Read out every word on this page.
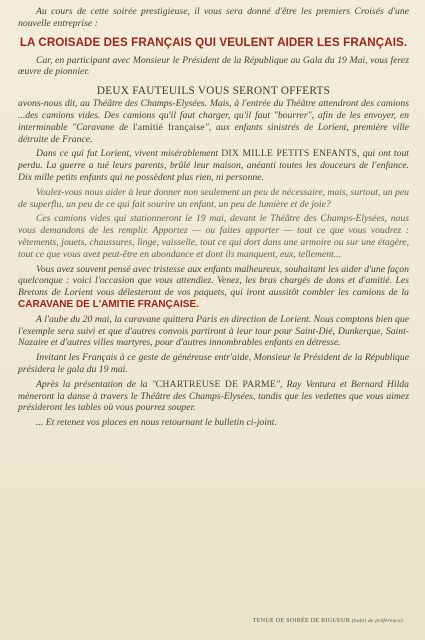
Au cours de cette soirée prestigieuse, il vous sera donné d'être les premiers Croisés d'une nouvelle entreprise :

LA CROISADE DES FRANÇAIS QUI VEULENT AIDER LES FRANÇAIS.

Car, en participant avec Monsieur le Président de la République au Gala du 19 Mai, vous ferez œuvre de pionnier.

DEUX FAUTEUILS VOUS SERONT OFFERTS

avons-nous dit, au Théâtre des Champs-Elysées. Mais, à l'entrée du Théâtre attendront des camions ...des camions vides. Des camions qu'il faut charger, qu'il faut "bourrer", afin de les envoyer, en interminable "Caravane de l'amitié française", aux enfants sinistrés de Lorient, première ville détruite de France.

Dans ce qui fut Lorient, vivent misérablement DIX MILLE PETITS ENFANTS, qui ont tout perdu. La guerre a tué leurs parents, brûlé leur maison, anéanti toutes les douceurs de l'enfance. Dix mille petits enfants qui ne possèdent plus rien, ni personne.

Voulez-vous nous aider à leur donner non seulement un peu de nécessaire, mais, surtout, un peu de superflu, un peu de ce qui fait sourire un enfant, un peu de lumière et de joie?

Ces camions vides qui stationneront le 19 mai, devant le Théâtre des Champs-Elysées, nous vous demandons de les remplir. Apportez — ou faites apporter — tout ce que vous voudrez : vêtements, jouets, chaussures, linge, vaisselle, tout ce qui dort dans une armoire ou sur une étagère, tout ce que vous avez peut-être en abondance et dont ils manquent, eux, tellement...

Vous avez souvent pensé avec tristesse aux enfants malheureux, souhaitant les aider d'une façon quelconque : voici l'occasion que vous attendiez. Venez, les bras chargés de dons et d'amitié. Les Bretons de Lorient vous délesteront de vos paquets, qui iront aussitôt combler les camions de la CARAVANE DE L'AMITIE FRANÇAISE.

A l'aube du 20 mai, la caravane quittera Paris en direction de Lorient. Nous comptons bien que l'exemple sera suivi et que d'autres convois partiront à leur tour pour Saint-Dié, Dunkerque, Saint-Nazaire et d'autres villes martyres, pour d'autres innombrables enfants en détresse.

Invitant les Français à ce geste de généreuse entr'aide, Monsieur le Président de la République présidera le gala du 19 mai.

Après la présentation de la "CHARTREUSE DE PARME", Ray Ventura et Bernard Hilda mèneront la danse à travers le Théâtre des Champs-Elysées, tandis que les vedettes que vous aimez présideront les tables où vous pourrez souper.

... Et retenez vos places en nous retournant le bulletin ci-joint.

TENUE DE SOIRÉE DE RIGUEUR (habit de préférence)
